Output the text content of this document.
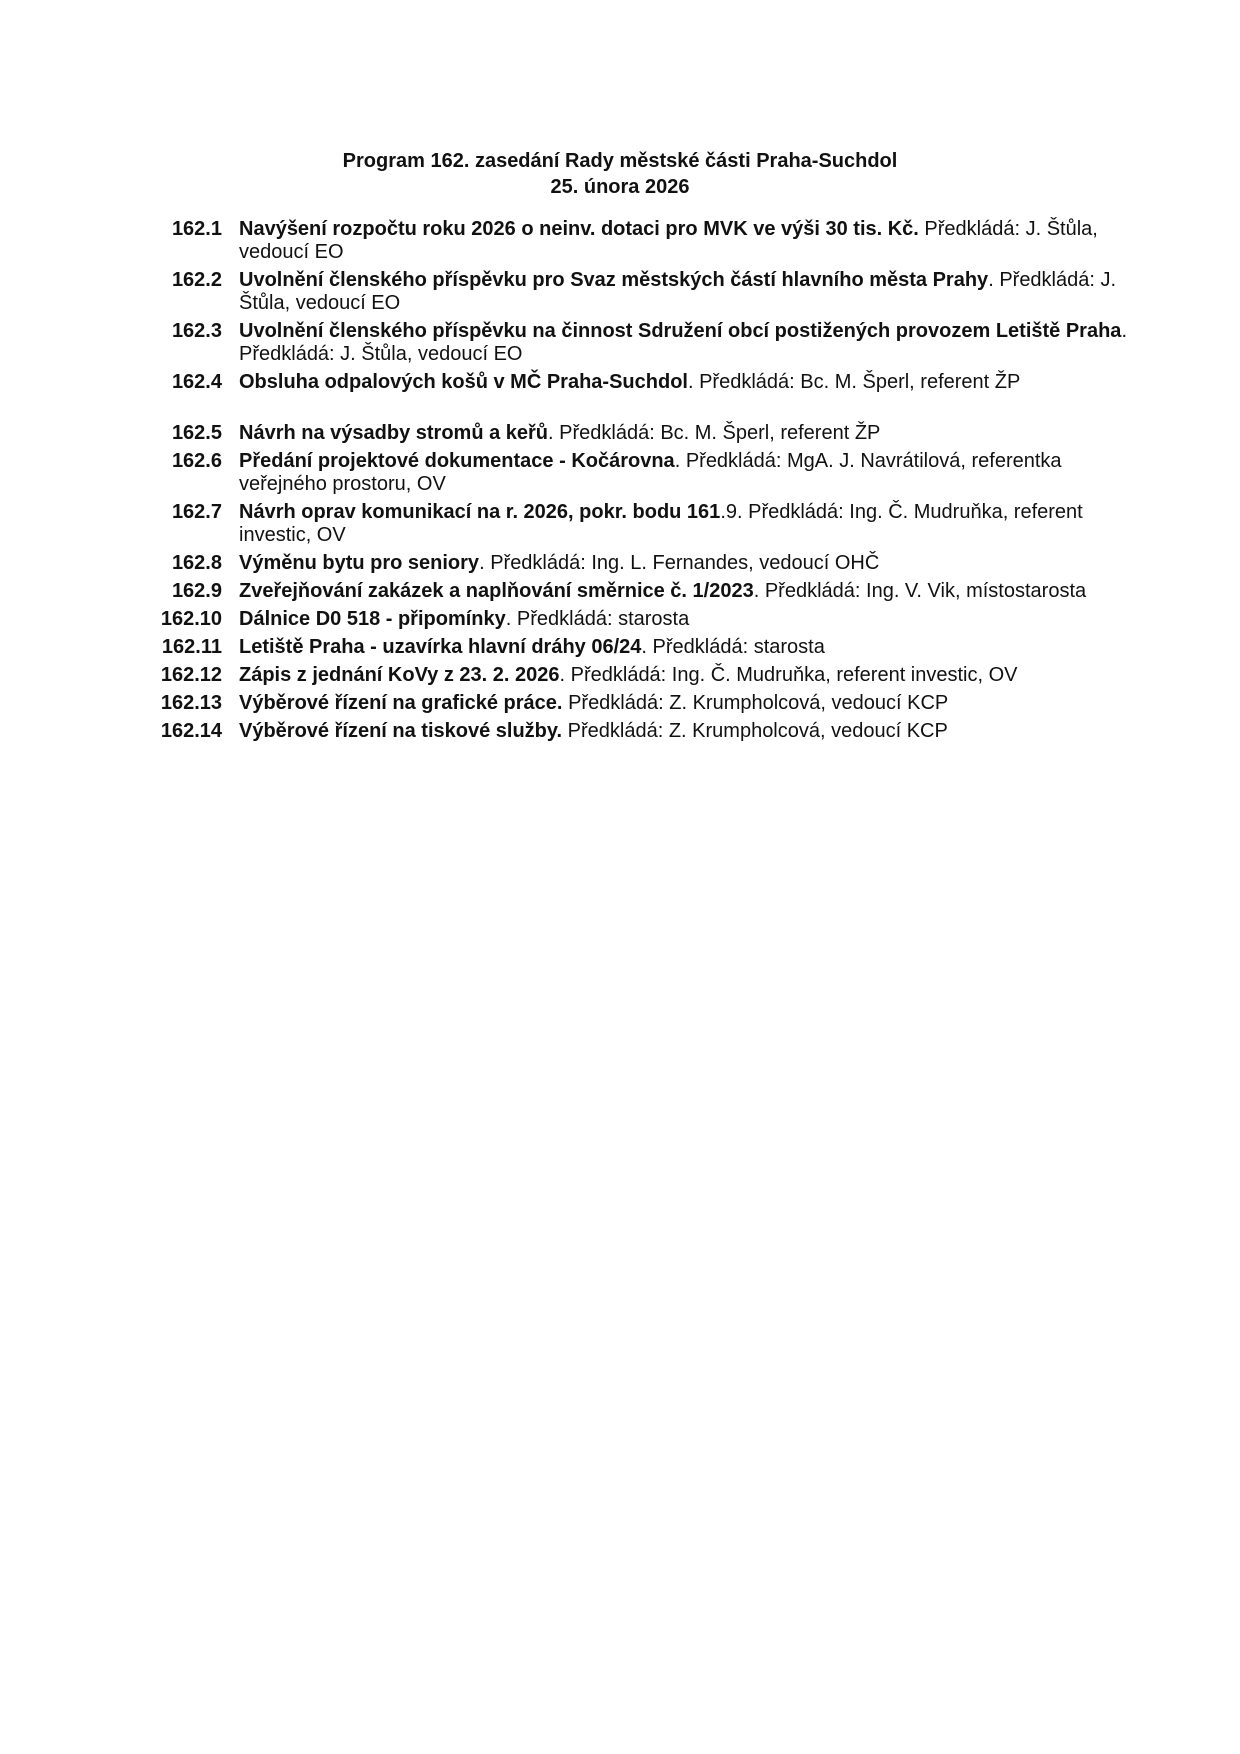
Program 162. zasedání Rady městské části Praha-Suchdol
25. února 2026
162.1 Navýšení rozpočtu roku 2026 o neinv. dotaci pro MVK ve výši 30 tis. Kč. Předkládá: J. Štůla, vedoucí EO
162.2 Uvolnění členského příspěvku pro Svaz městských částí hlavního města Prahy. Předkládá: J. Štůla, vedoucí EO
162.3 Uvolnění členského příspěvku na činnost Sdružení obcí postižených provozem Letiště Praha. Předkládá: J. Štůla, vedoucí EO
162.4 Obsluha odpalových košů v MČ Praha-Suchdol. Předkládá: Bc. M. Šperl, referent ŽP
162.5 Návrh na výsadby stromů a keřů. Předkládá: Bc. M. Šperl, referent ŽP
162.6 Předání projektové dokumentace - Kočárovna. Předkládá: MgA. J. Navrátilová, referentka veřejného prostoru, OV
162.7 Návrh oprav komunikací na r. 2026, pokr. bodu 161.9. Předkládá: Ing. Č. Mudruňka, referent investic, OV
162.8 Výměnu bytu pro seniory. Předkládá: Ing. L. Fernandes, vedoucí OHČ
162.9 Zveřejňování zakázek a naplňování směrnice č. 1/2023. Předkládá: Ing. V. Vik, místostarosta
162.10 Dálnice D0 518 - připomínky. Předkládá: starosta
162.11 Letiště Praha - uzavírka hlavní dráhy 06/24. Předkládá: starosta
162.12 Zápis z jednání KoVy z 23. 2. 2026. Předkládá: Ing. Č. Mudruňka, referent investic, OV
162.13 Výběrové řízení na grafické práce. Předkládá: Z. Krumpholcová, vedoucí KCP
162.14 Výběrové řízení na tiskové služby. Předkládá: Z. Krumpholcová, vedoucí KCP
